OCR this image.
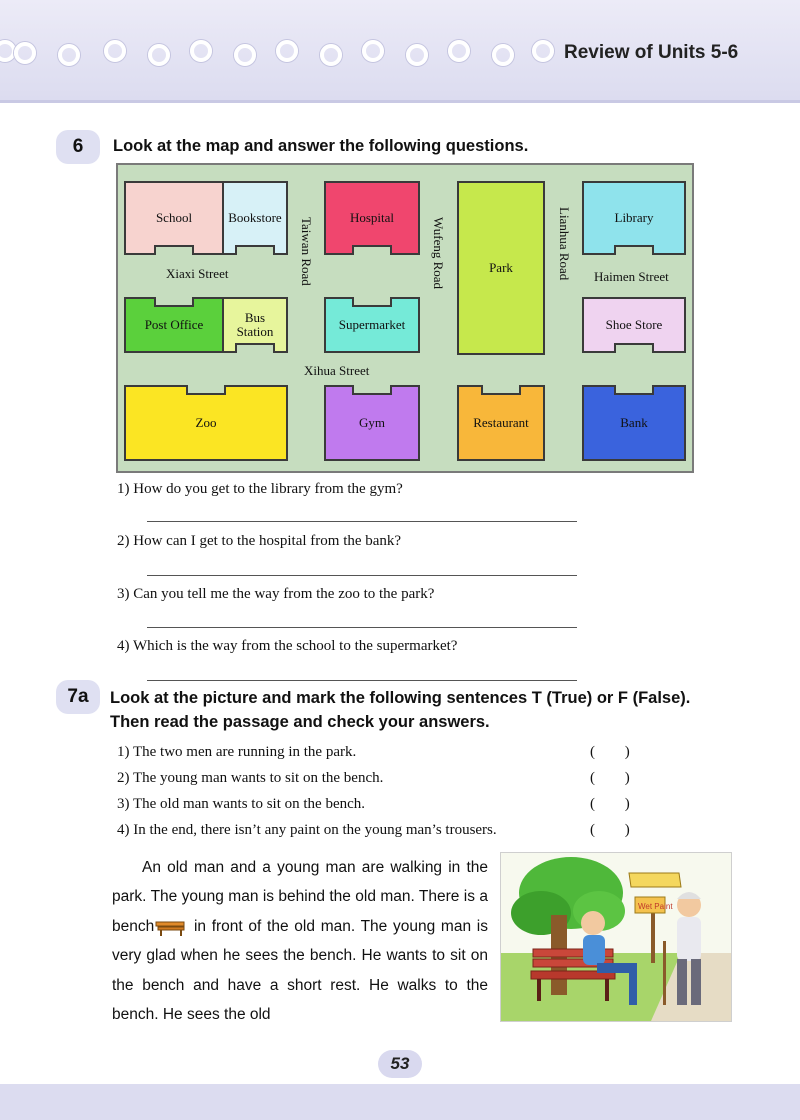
Review of Units 5-6
6	Look at the map and answer the following questions.
School	Bookstore	Hospital
Park
Library
Post Office	Bus Station	Supermarket	Shoe Store
Zoo	Gym	Restaurant	Bank
Xiaxi Street	Haimen Street
Xihua Street
Taiwan Road	Wufeng Road	Lianhua Road
1) How do you get to the library from the gym?
2) How can I get to the hospital from the bank?
3) Can you tell me the way from the zoo to the park?
4) Which is the way from the school to the supermarket?
7a	Look at the picture and mark the following sentences T (True) or F (False).
Then read the passage and check your answers.
1) The two men are running in the park.	( )
2) The young man wants to sit on the bench.	( )
3) The old man wants to sit on the bench.	( )
4) In the end, there isn’t any paint on the young man’s trousers.	( )

An old man and a young man are walking in the park. The young man is behind the old man. There is a bench in front of the old man. The young man is very glad when he sees the bench. He wants to sit on the bench and have a short rest. He walks to the bench. He sees the old

Wet Paint
53
